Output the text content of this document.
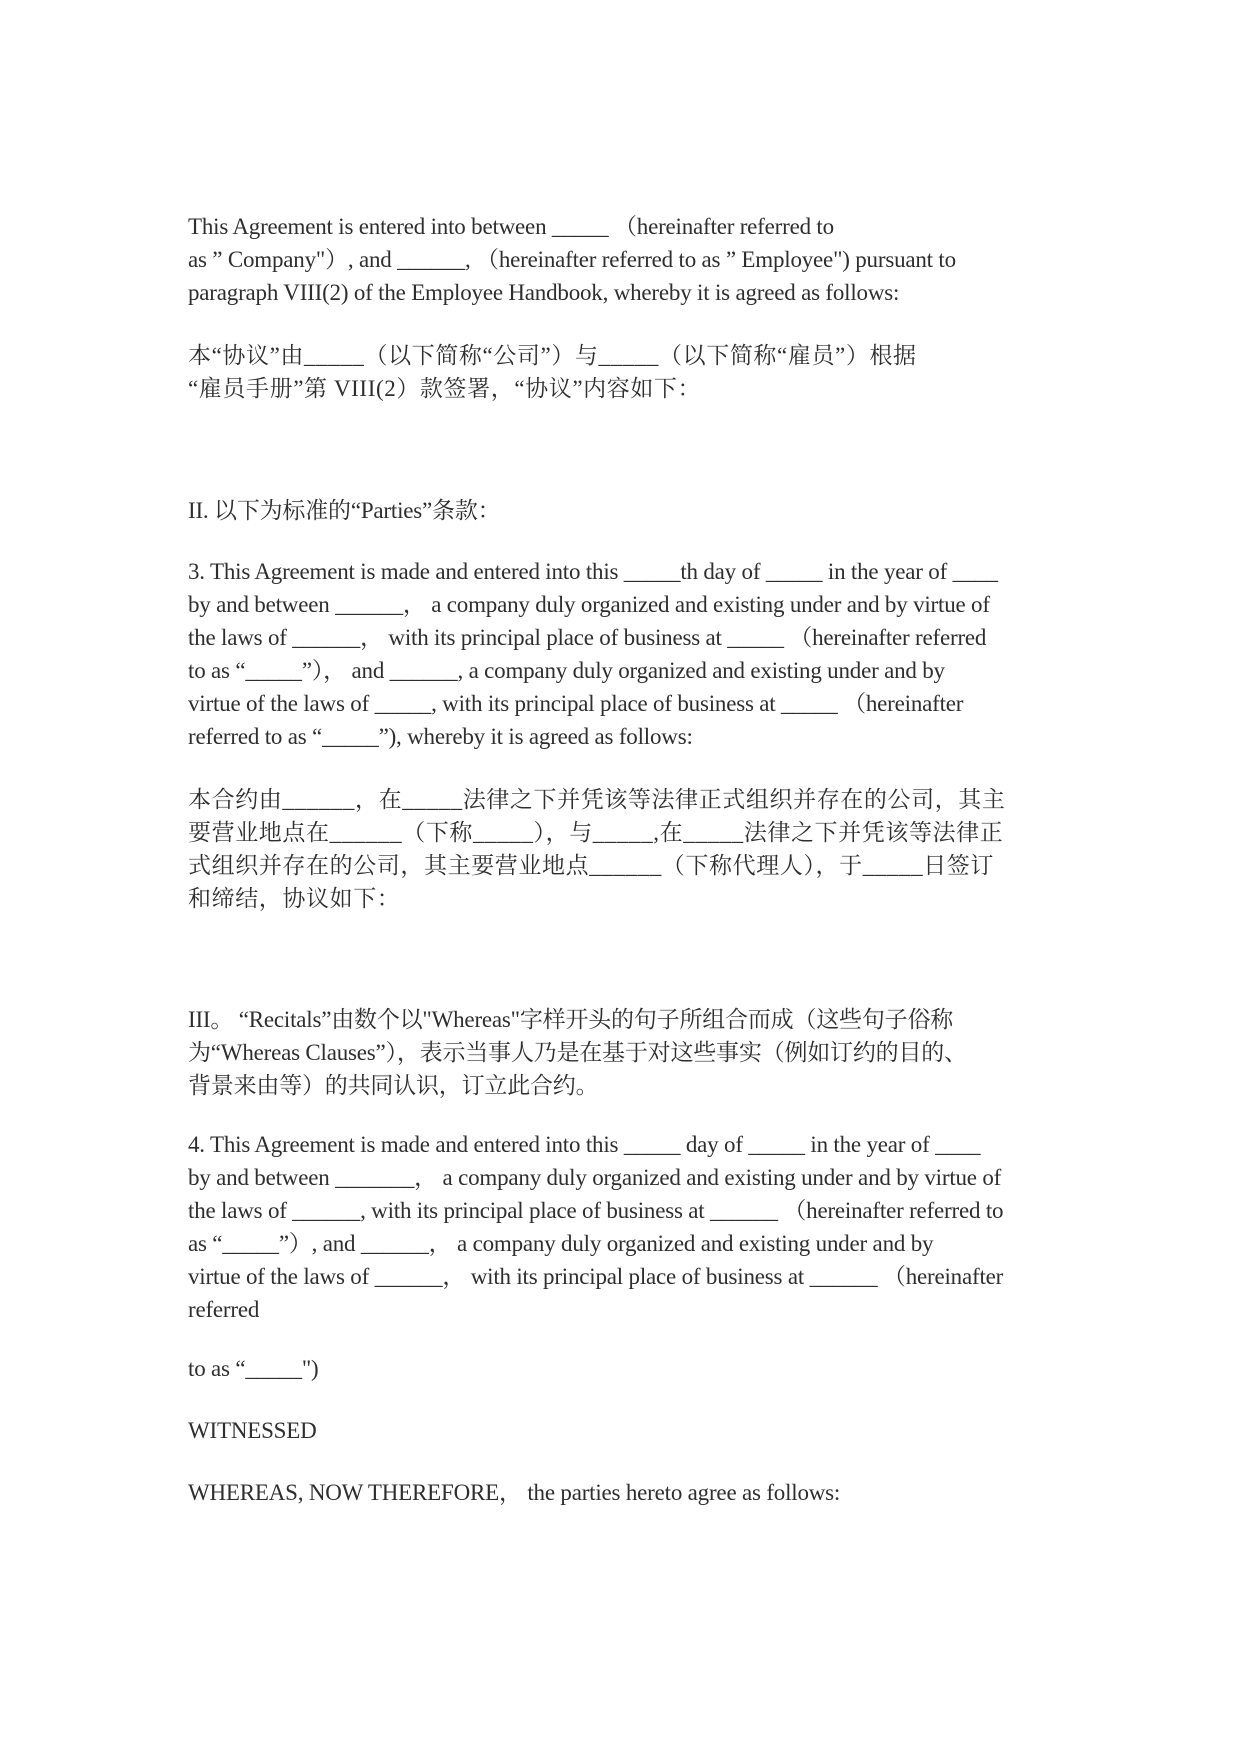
This Agreement is entered into between _____ （hereinafter referred to
as ” Company"）, and ______, （hereinafter referred to as ” Employee") pursuant to
paragraph VIII(2) of the Employee Handbook, whereby it is agreed as follows:

本“协议”由_____（以下简称“公司”）与_____（以下简称“雇员”）根据
“雇员手册”第 VIII(2）款签署，“协议”内容如下：

II. 以下为标准的“Parties”条款：

3. This Agreement is made and entered into this _____th day of _____ in the year of ____
by and between ______， a company duly organized and existing under and by virtue of
the laws of ______， with its principal place of business at _____ （hereinafter referred
to as “_____”）， and ______, a company duly organized and existing under and by
virtue of the laws of _____, with its principal place of business at _____ （hereinafter
referred to as “_____”), whereby it is agreed as follows:

本合约由______，在_____法律之下并凭该等法律正式组织并存在的公司，其主
要营业地点在______（下称_____），与_____,在_____法律之下并凭该等法律正
式组织并存在的公司，其主要营业地点______（下称代理人），于_____日签订
和缔结，协议如下：

III。 “Recitals”由数个以"Whereas"字样开头的句子所组合而成（这些句子俗称
为“Whereas Clauses”），表示当事人乃是在基于对这些事实（例如订约的目的、
背景来由等）的共同认识，订立此合约。

4. This Agreement is made and entered into this _____ day of _____ in the year of ____
by and between _______， a company duly organized and existing under and by virtue of
the laws of ______, with its principal place of business at ______ （hereinafter referred to
as “_____”）, and ______， a company duly organized and existing under and by
virtue of the laws of ______， with its principal place of business at ______ （hereinafter
referred

to as “_____")

WITNESSED

WHEREAS, NOW THEREFORE， the parties hereto agree as follows:
